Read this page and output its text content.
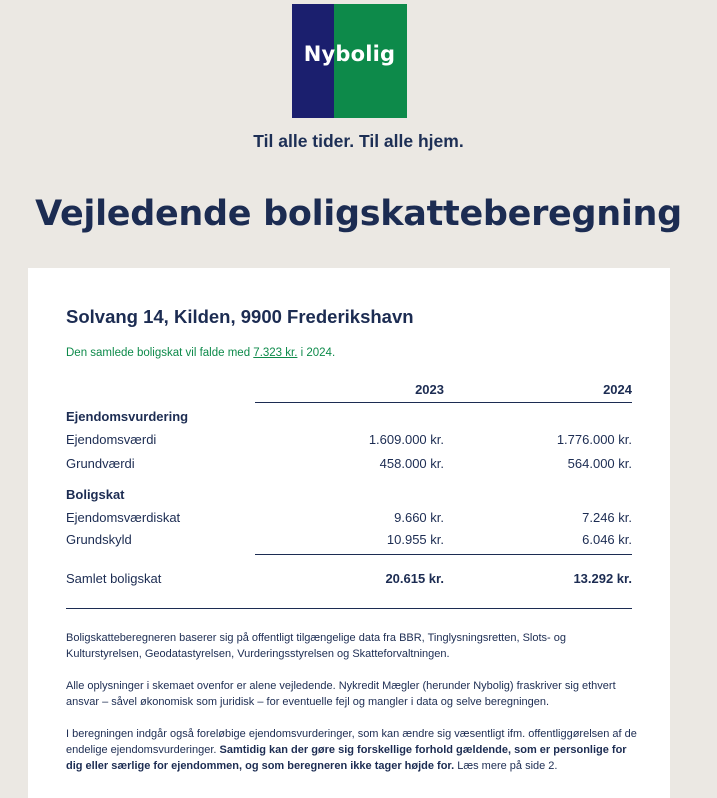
Nybolig
Til alle tider. Til alle hjem.
Vejledende boligskatteberegning
Solvang 14, Kilden, 9900 Frederikshavn
Den samlede boligskat vil falde med 7.323 kr. i 2024.
2023	2024
Ejendomsvurdering
Ejendomsværdi	1.609.000 kr.	1.776.000 kr.
Grundværdi	458.000 kr.	564.000 kr.
Boligskat
Ejendomsværdiskat	9.660 kr.	7.246 kr.
Grundskyld	10.955 kr.	6.046 kr.
Samlet boligskat	20.615 kr.	13.292 kr.
Boligskatteberegneren baserer sig på offentligt tilgængelige data fra BBR, Tinglysningsretten, Slots- og Kulturstyrelsen, Geodatastyrelsen, Vurderingsstyrelsen og Skatteforvaltningen.
Alle oplysninger i skemaet ovenfor er alene vejledende. Nykredit Mægler (herunder Nybolig) fraskriver sig ethvert ansvar – såvel økonomisk som juridisk – for eventuelle fejl og mangler i data og selve beregningen.
I beregningen indgår også foreløbige ejendomsvurderinger, som kan ændre sig væsentligt ifm. offentliggørelsen af de endelige ejendomsvurderinger. Samtidig kan der gøre sig forskellige forhold gældende, som er personlige for dig eller særlige for ejendommen, og som beregneren ikke tager højde for. Læs mere på side 2.
